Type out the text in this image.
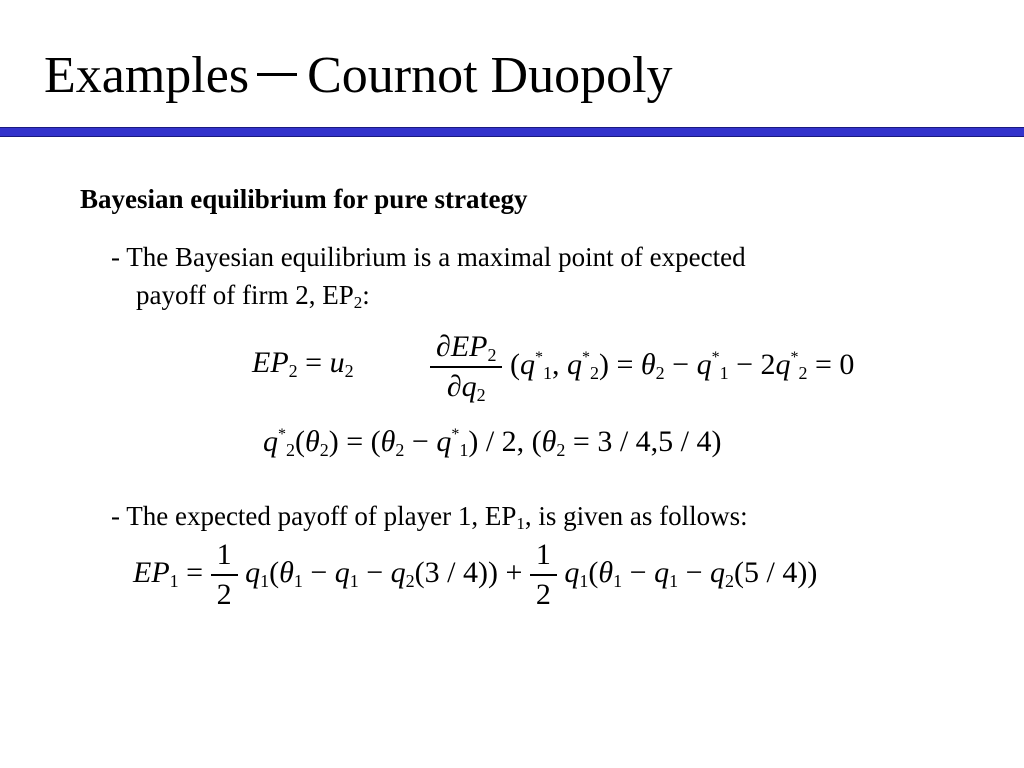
Examples Cournot Duopoly
Bayesian equilibrium for pure strategy
- The Bayesian equilibrium is a maximal point of expected
payoff of firm 2, $EP_2$:
$EP_2 = u_2$	$\frac{\partial EP_2}{\partial q_2} (q^*_1$, $q^*_2) = \theta_2 - q^*_1 - 2q^*_2 = 0$
$q^*_2(\theta_2) = (\theta_2 - q^*_1) / 2$, $(\theta_2 = 3 / 4,5 / 4)$
- The expected payoff of player 1, $EP_1$, is given as follows:
$EP_1 = \frac{1}{2} q_1(\theta_1 - q_1 - q_2(3 / 4)) + \frac{1}{2} q_1(\theta_1 - q_1 - q_2(5 / 4))$
